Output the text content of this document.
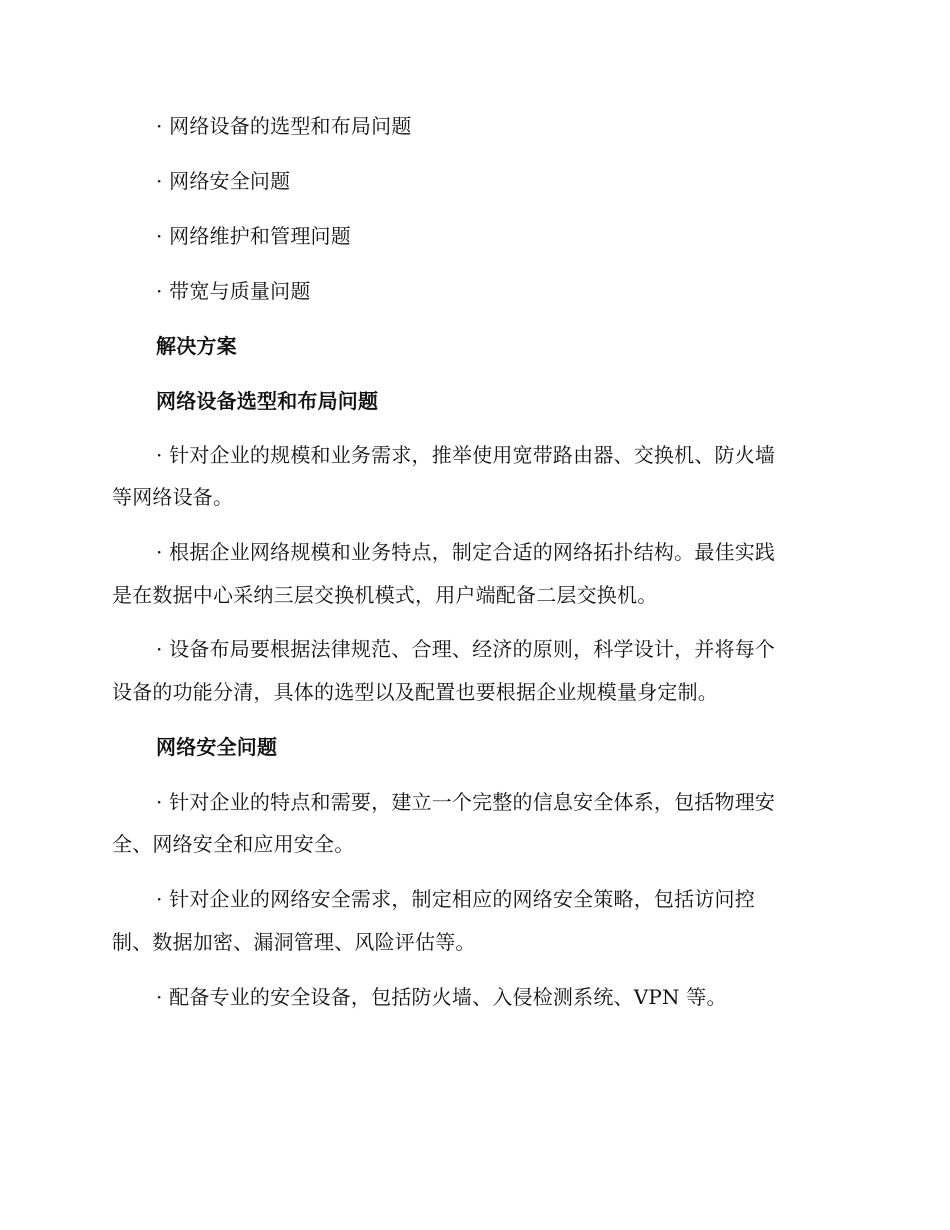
· 网络设备的选型和布局问题
· 网络安全问题
· 网络维护和管理问题
· 带宽与质量问题
解决方案
网络设备选型和布局问题
· 针对企业的规模和业务需求，推举使用宽带路由器、交换机、防火墙
等网络设备。
· 根据企业网络规模和业务特点，制定合适的网络拓扑结构。最佳实践
是在数据中心采纳三层交换机模式，用户端配备二层交换机。
· 设备布局要根据法律规范、合理、经济的原则，科学设计，并将每个
设备的功能分清，具体的选型以及配置也要根据企业规模量身定制。
网络安全问题
· 针对企业的特点和需要，建立一个完整的信息安全体系，包括物理安
全、网络安全和应用安全。
· 针对企业的网络安全需求，制定相应的网络安全策略，包括访问控
制、数据加密、漏洞管理、风险评估等。
· 配备专业的安全设备，包括防火墙、入侵检测系统、VPN 等。
